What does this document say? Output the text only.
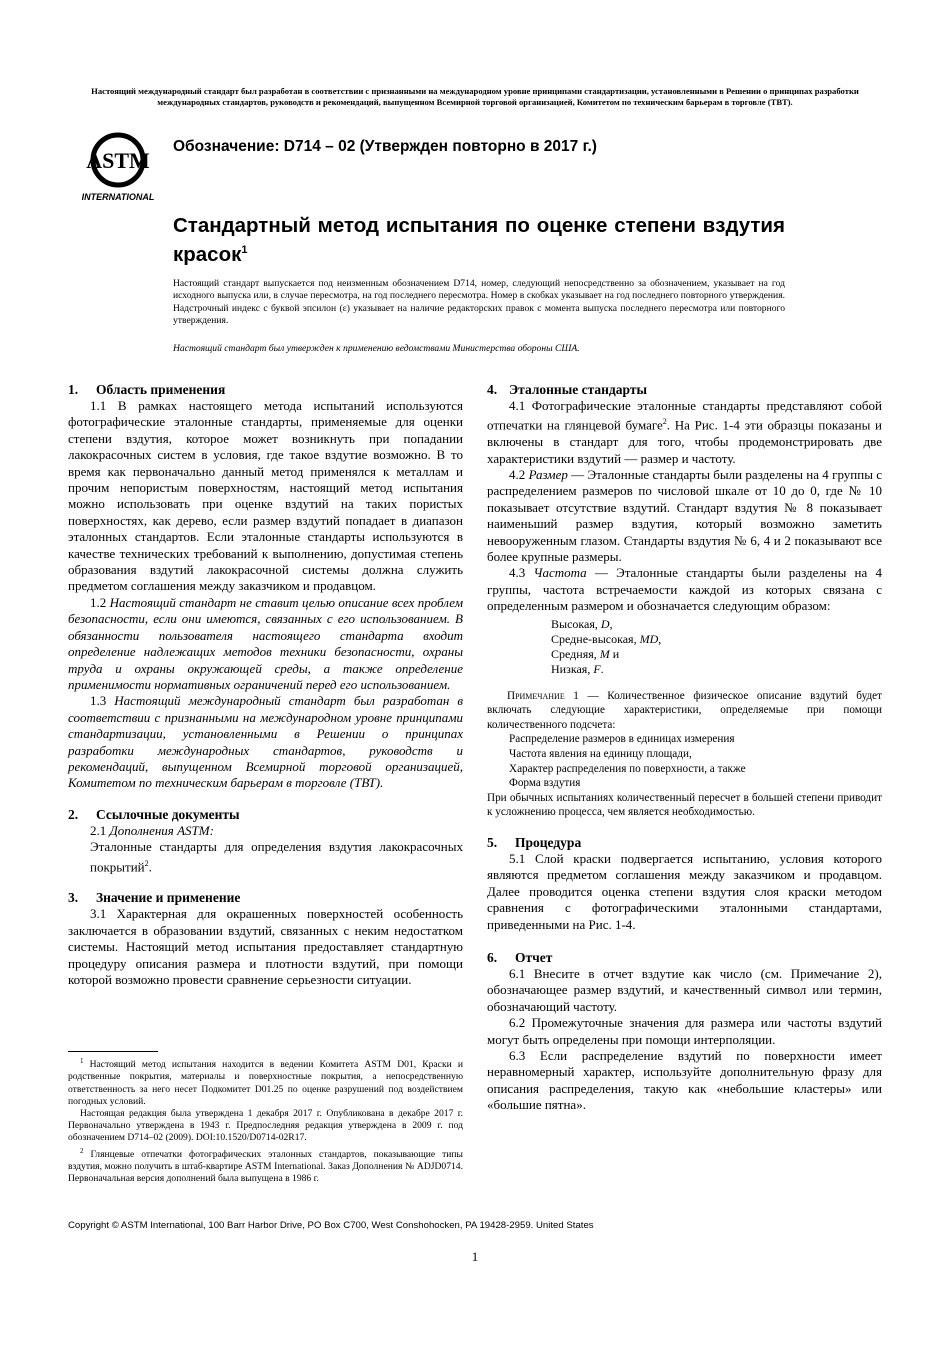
Настоящий международный стандарт был разработан в соответствии с признанными на международном уровне принципами стандартизации, установленными в Решении о принципах разработки международных стандартов, руководств и рекомендаций, выпущенном Всемирной торговой организацией, Комитетом по техническим барьерам в торговле (ТВТ).
ASTM
INTERNATIONAL
Обозначение: D714 – 02 (Утвержден повторно в 2017 г.)
Стандартный метод испытания по оценке степени вздутия красок$^1$
Настоящий стандарт выпускается под неизменным обозначением D714, номер, следующий непосредственно за обозначением, указывает на год исходного выпуска или, в случае пересмотра, на год последнего пересмотра. Номер в скобках указывает на год последнего повторного утверждения. Надстрочный индекс с буквой эпсилон (ε) указывает на наличие редакторских правок с момента выпуска последнего пересмотра или повторного утверждения.
Настоящий стандарт был утвержден к применению ведомствами Министерства обороны США.
1. Область применения

1.1 В рамках настоящего метода испытаний используются фотографические эталонные стандарты, применяемые для оценки степени вздутия, которое может возникнуть при попадании лакокрасочных систем в условия, где такое вздутие возможно. В то время как первоначально данный метод применялся к металлам и прочим непористым поверхностям, настоящий метод испытания можно использовать при оценке вздутий на таких пористых поверхностях, как дерево, если размер вздутий попадает в диапазон эталонных стандартов. Если эталонные стандарты используются в качестве технических требований к выполнению, допустимая степень образования вздутий лакокрасочной системы должна служить предметом соглашения между заказчиком и продавцом.

1.2 Настоящий стандарт не ставит целью описание всех проблем безопасности, если они имеются, связанных с его использованием. В обязанности пользователя настоящего стандарта входит определение надлежащих методов техники безопасности, охраны труда и охраны окружающей среды, а также определение применимости нормативных ограничений перед его использованием.

1.3 Настоящий международный стандарт был разработан в соответствии с признанными на международном уровне принципами стандартизации, установленными в Решении о принципах разработки международных стандартов, руководств и рекомендаций, выпущенном Всемирной торговой организацией, Комитетом по техническим барьерам в торговле (ТВТ).

2. Ссылочные документы

2.1 Дополнения ASTM:

Эталонные стандарты для определения вздутия лакокрасочных покрытий$^2$.

3. Значение и применение

3.1 Характерная для окрашенных поверхностей особенность заключается в образовании вздутий, связанных с неким недостатком системы. Настоящий метод испытания предоставляет стандартную процедуру описания размера и плотности вздутий, при помощи которой возможно провести сравнение серьезности ситуации.

$^1$ Настоящий метод испытания находится в ведении Комитета ASTM D01, Краски и родственные покрытия, материалы и поверхностные покрытия, а непосредственную ответственность за него несет Подкомитет D01.25 по оценке разрушений под воздействием погодных условий.

Настоящая редакция была утверждена 1 декабря 2017 г. Опубликована в декабре 2017 г. Первоначально утверждена в 1943 г. Предпоследняя редакция утверждена в 2009 г. под обозначением D714–02 (2009). DOI:10.1520/D0714-02R17.

$^2$ Глянцевые отпечатки фотографических эталонных стандартов, показывающие типы вздутия, можно получить в штаб-квартире ASTM International. Заказ Дополнения № ADJD0714. Первоначальная версия дополнений была выпущена в 1986 г.

4. Эталонные стандарты

4.1 Фотографические эталонные стандарты представляют собой отпечатки на глянцевой бумаге$^2$. На Рис. 1-4 эти образцы показаны и включены в стандарт для того, чтобы продемонстрировать две характеристики вздутий — размер и частоту.

4.2 Размер — Эталонные стандарты были разделены на 4 группы с распределением размеров по числовой шкале от 10 до 0, где № 10 показывает отсутствие вздутий. Стандарт вздутия № 8 показывает наименьший размер вздутия, который возможно заметить невооруженным глазом. Стандарты вздутия № 6, 4 и 2 показывают все более крупные размеры.

4.3 Частота — Эталонные стандарты были разделены на 4 группы, частота встречаемости каждой из которых связана с определенным размером и обозначается следующим образом:

Высокая, D,
Средне-высокая, MD,
Средняя, M и
Низкая, F.

Примечание 1 — Количественное физическое описание вздутий будет включать следующие характеристики, определяемые при помощи количественного подсчета:

Распределение размеров в единицах измерения
Частота явления на единицу площади,
Характер распределения по поверхности, а также
Форма вздутия

При обычных испытаниях количественный пересчет в большей степени приводит к усложнению процесса, чем является необходимостью.

5. Процедура

5.1 Слой краски подвергается испытанию, условия которого являются предметом соглашения между заказчиком и продавцом. Далее проводится оценка степени вздутия слоя краски методом сравнения с фотографическими эталонными стандартами, приведенными на Рис. 1-4.

6. Отчет

6.1 Внесите в отчет вздутие как число (см. Примечание 2), обозначающее размер вздутий, и качественный символ или термин, обозначающий частоту.

6.2 Промежуточные значения для размера или частоты вздутий могут быть определены при помощи интерполяции.

6.3 Если распределение вздутий по поверхности имеет неравномерный характер, используйте дополнительную фразу для описания распределения, такую как «небольшие кластеры» или «большие пятна».

Copyright © ASTM International, 100 Barr Harbor Drive, PO Box C700, West Conshohocken, PA 19428-2959. United States
1
